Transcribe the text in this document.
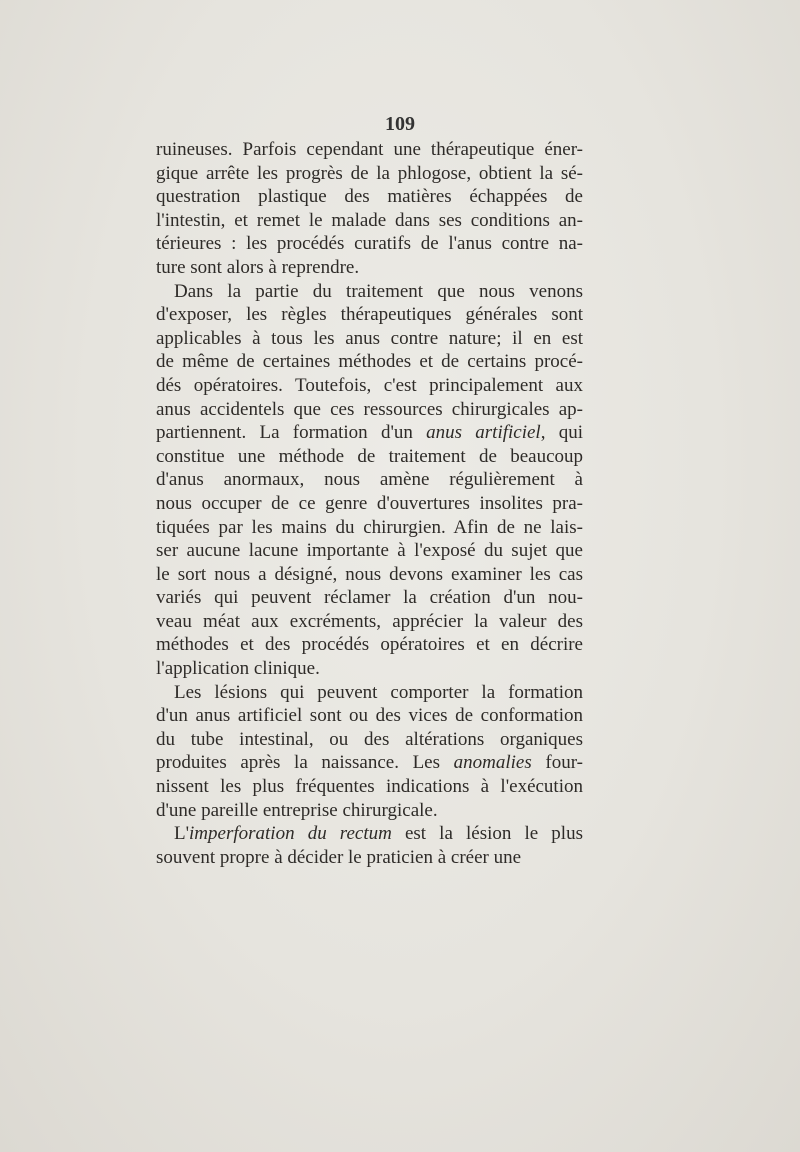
109
ruineuses. Parfois cependant une thérapeutique éner-
gique arrête les progrès de la phlogose, obtient la sé-
questration plastique des matières échappées de
l'intestin, et remet le malade dans ses conditions an-
térieures : les procédés curatifs de l'anus contre na-
ture sont alors à reprendre.
Dans la partie du traitement que nous venons
d'exposer, les règles thérapeutiques générales sont
applicables à tous les anus contre nature; il en est
de même de certaines méthodes et de certains procé-
dés opératoires. Toutefois, c'est principalement aux
anus accidentels que ces ressources chirurgicales ap-
partiennent. La formation d'un anus artificiel, qui
constitue une méthode de traitement de beaucoup
d'anus anormaux, nous amène régulièrement à
nous occuper de ce genre d'ouvertures insolites pra-
tiquées par les mains du chirurgien. Afin de ne lais-
ser aucune lacune importante à l'exposé du sujet que
le sort nous a désigné, nous devons examiner les cas
variés qui peuvent réclamer la création d'un nou-
veau méat aux excréments, apprécier la valeur des
méthodes et des procédés opératoires et en décrire
l'application clinique.
Les lésions qui peuvent comporter la formation
d'un anus artificiel sont ou des vices de conformation
du tube intestinal, ou des altérations organiques
produites après la naissance. Les anomalies four-
nissent les plus fréquentes indications à l'exécution
d'une pareille entreprise chirurgicale.
L'imperforation du rectum est la lésion le plus
souvent propre à décider le praticien à créer une
